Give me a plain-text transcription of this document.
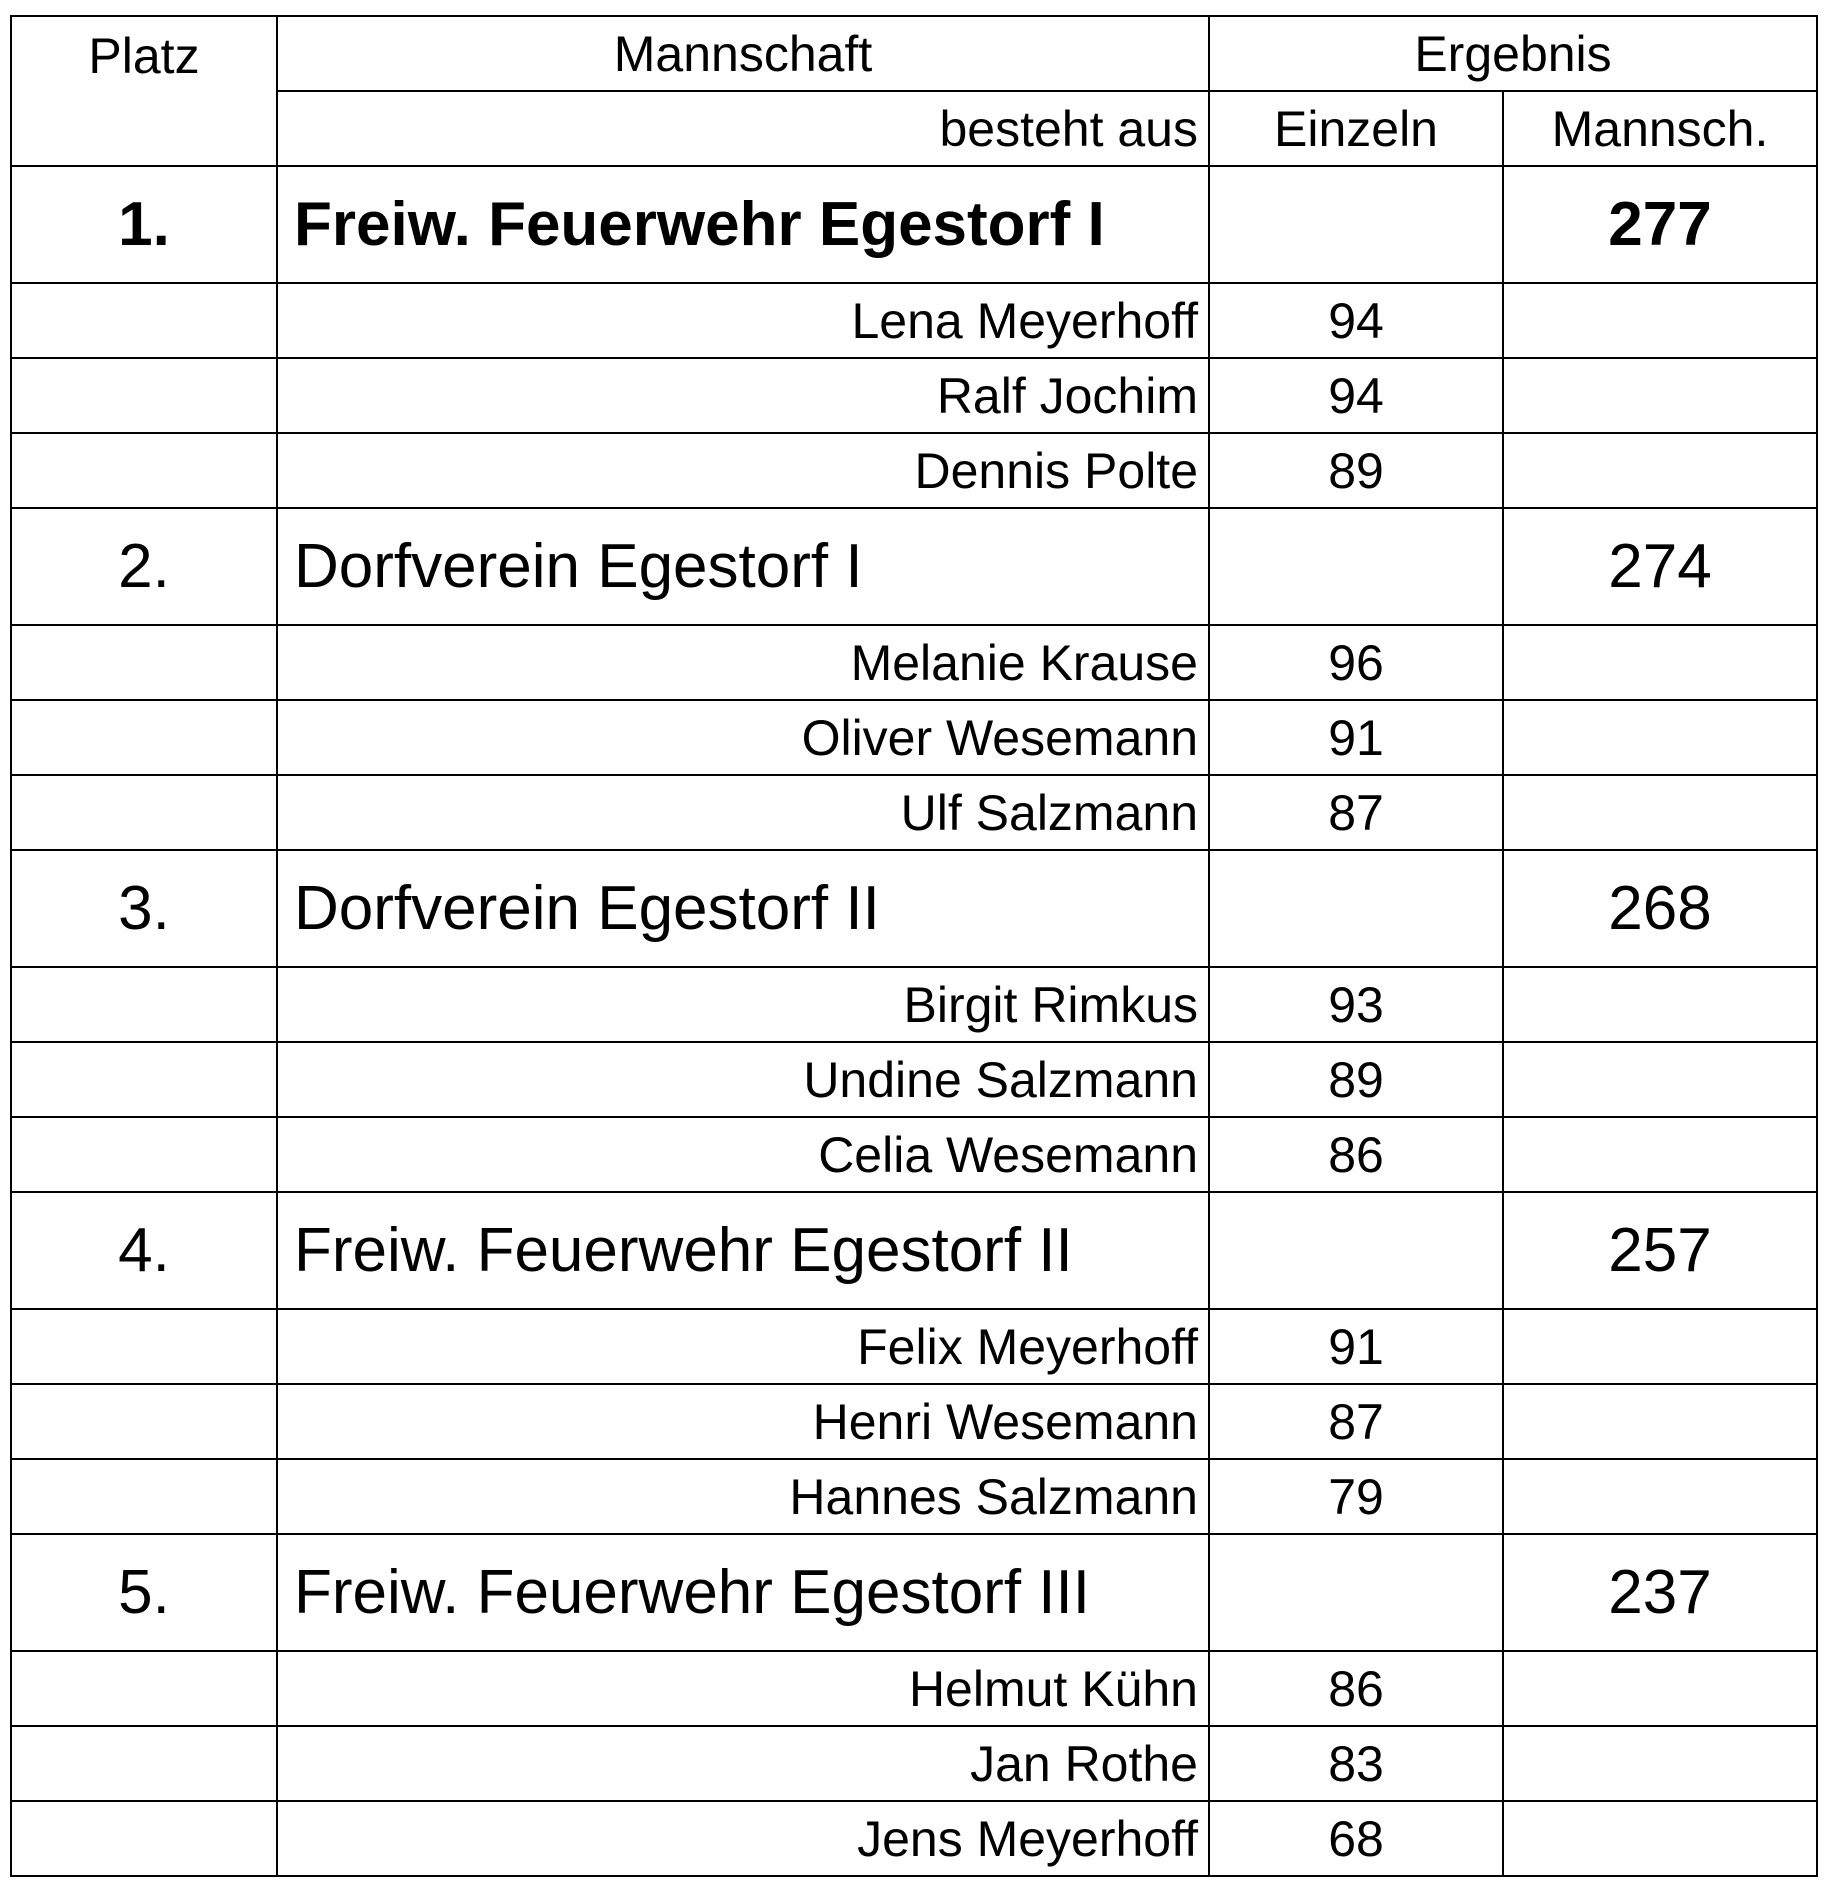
Platz	Mannschaft	Ergebnis	
	besteht aus	Einzeln	Mannsch.
1.	Freiw. Feuerwehr Egestorf I		277
	Lena Meyerhoff	94	
	Ralf Jochim	94	
	Dennis Polte	89	
2.	Dorfverein Egestorf I		274
	Melanie Krause	96	
	Oliver Wesemann	91	
	Ulf Salzmann	87	
3.	Dorfverein Egestorf II		268
	Birgit Rimkus	93	
	Undine Salzmann	89	
	Celia Wesemann	86	
4.	Freiw. Feuerwehr Egestorf II		257
	Felix Meyerhoff	91	
	Henri Wesemann	87	
	Hannes Salzmann	79	
5.	Freiw. Feuerwehr Egestorf III		237
	Helmut Kühn	86	
	Jan Rothe	83	
	Jens Meyerhoff	68	
